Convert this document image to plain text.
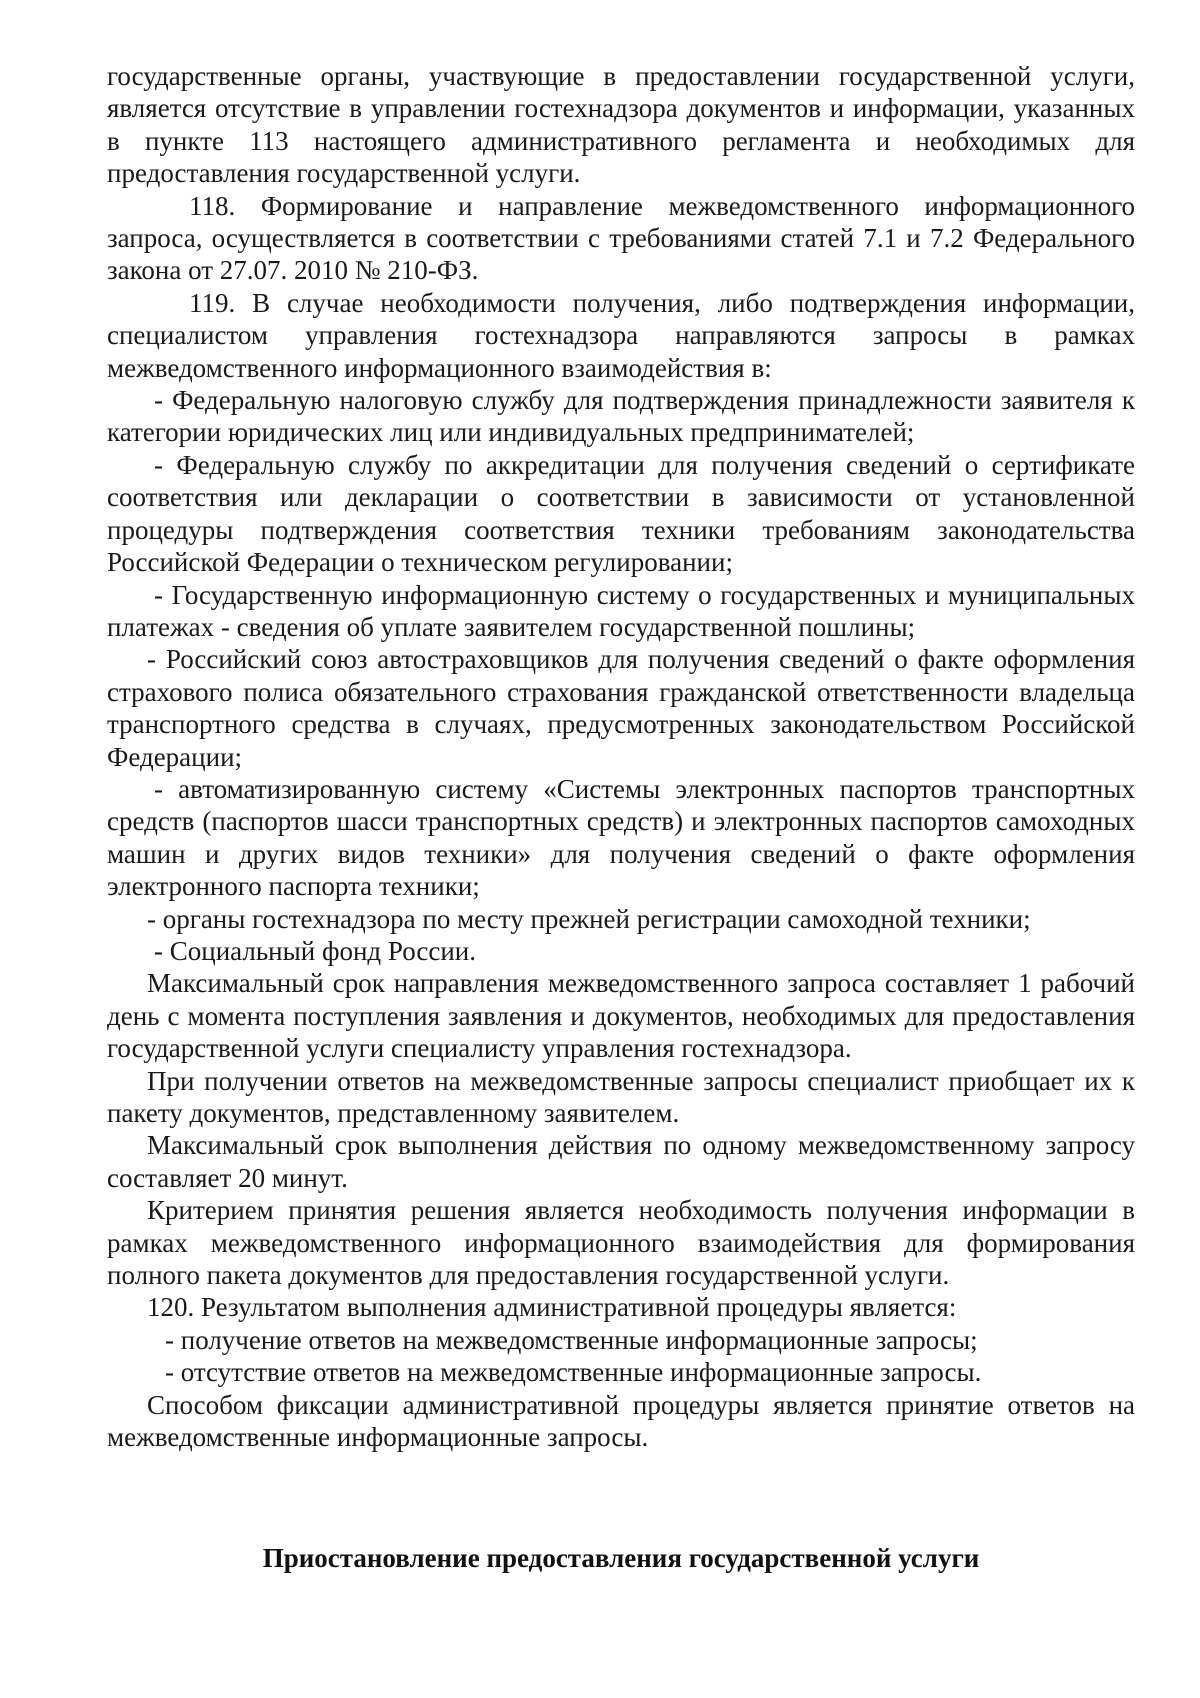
государственные органы, участвующие в предоставлении государственной услуги, является отсутствие в управлении гостехнадзора документов и информации, указанных в пункте 113 настоящего административного регламента и необходимых для предоставления государственной услуги.

118. Формирование и направление межведомственного информационного запроса, осуществляется в соответствии с требованиями статей 7.1 и 7.2 Федерального закона от 27.07. 2010 № 210-ФЗ.

119. В случае необходимости получения, либо подтверждения информации, специалистом управления гостехнадзора направляются запросы в рамках межведомственного информационного взаимодействия в:

- Федеральную налоговую службу для подтверждения принадлежности заявителя к категории юридических лиц или индивидуальных предпринимателей;

- Федеральную службу по аккредитации для получения сведений о сертификате соответствия или декларации о соответствии в зависимости от установленной процедуры подтверждения соответствия техники требованиям законодательства Российской Федерации о техническом регулировании;

- Государственную информационную систему о государственных и муниципальных платежах - сведения об уплате заявителем государственной пошлины;

- Российский союз автостраховщиков для получения сведений о факте оформления страхового полиса обязательного страхования гражданской ответственности владельца транспортного средства в случаях, предусмотренных законодательством Российской Федерации;

- автоматизированную систему «Системы электронных паспортов транспортных средств (паспортов шасси транспортных средств) и электронных паспортов самоходных машин и других видов техники» для получения сведений о факте оформления электронного паспорта техники;

- органы гостехнадзора по месту прежней регистрации самоходной техники;

- Социальный фонд России.

Максимальный срок направления межведомственного запроса составляет 1 рабочий день с момента поступления заявления и документов, необходимых для предоставления государственной услуги специалисту управления гостехнадзора.

При получении ответов на межведомственные запросы специалист приобщает их к пакету документов, представленному заявителем.

Максимальный срок выполнения действия по одному межведомственному запросу составляет 20 минут.

Критерием принятия решения является необходимость получения информации в рамках межведомственного информационного взаимодействия для формирования полного пакета документов для предоставления государственной услуги.

120. Результатом выполнения административной процедуры является:

- получение ответов на межведомственные информационные запросы;

- отсутствие ответов на межведомственные информационные запросы.

Способом фиксации административной процедуры является принятие ответов на межведомственные информационные запросы.

Приостановление предоставления государственной услуги
